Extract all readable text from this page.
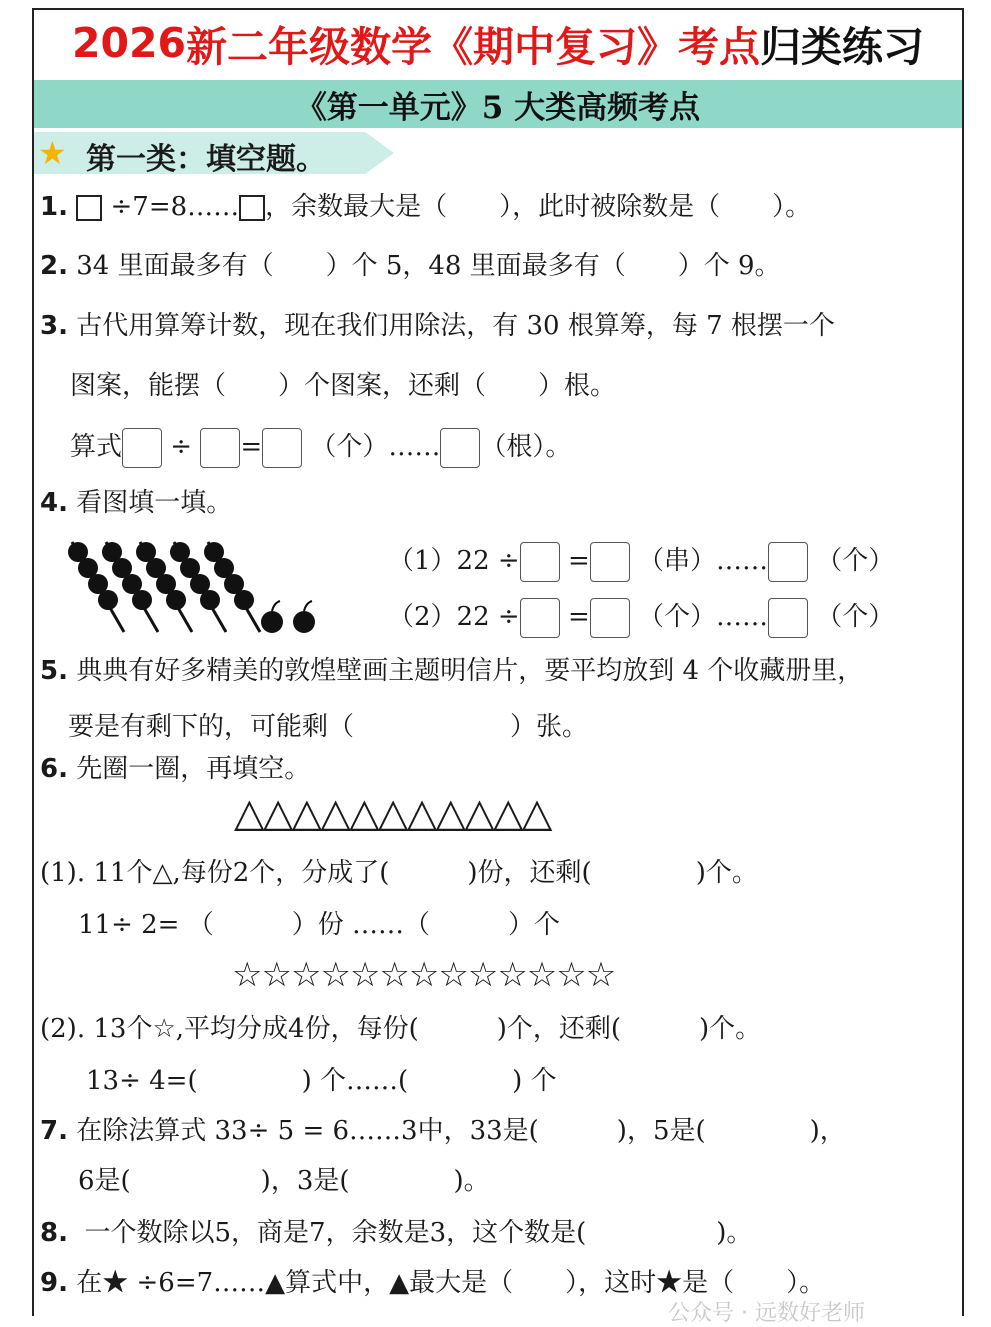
2026 新二年级数学 《期中复习》考点 归类练习
《第一单元》5 大类高频考点
★ 第一类：填空题。
1. ÷7=8…… ，余数最大是（　　），此时被除数是（　　）。
2. 34 里面最多有（　　）个 5，48 里面最多有（　　）个 9。
3. 古代用算筹计数，现在我们用除法，有 30 根算筹，每 7 根摆一个
图案，能摆（　　）个图案，还剩（　　）根。
算式 ÷ = （个）…… （根）。
4. 看图填一填。
（1）22 ÷ = （串）…… （个）
（2）22 ÷ = （个）…… （个）
5. 典典有好多精美的敦煌壁画主题明信片，要平均放到 4 个收藏册里，
要是有剩下的，可能剩（　　　　　　）张。
6. 先圈一圈，再填空。
△△△△△△△△△△△
(1). 11个△,每份2个，分成了(　　　)份，还剩(　　　　)个。
11÷ 2= （　　　）份 ……（　　　）个
☆☆☆☆☆☆☆☆☆☆☆☆☆
(2). 13个☆,平均分成4份，每份(　　　)个，还剩(　　　)个。
13÷ 4=(　　　　) 个……(　　　　) 个
7. 在除法算式 33÷ 5 = 6……3中，33是(　　　)，5是(　　　　)，
6是(　　　　　)，3是(　　　　)。
8. 一个数除以5，商是7，余数是3，这个数是(　　　　　)。
9. 在★ ÷6=7……▲算式中，▲最大是（　　），这时★是（　　）。
公众号 · 远数好老师
